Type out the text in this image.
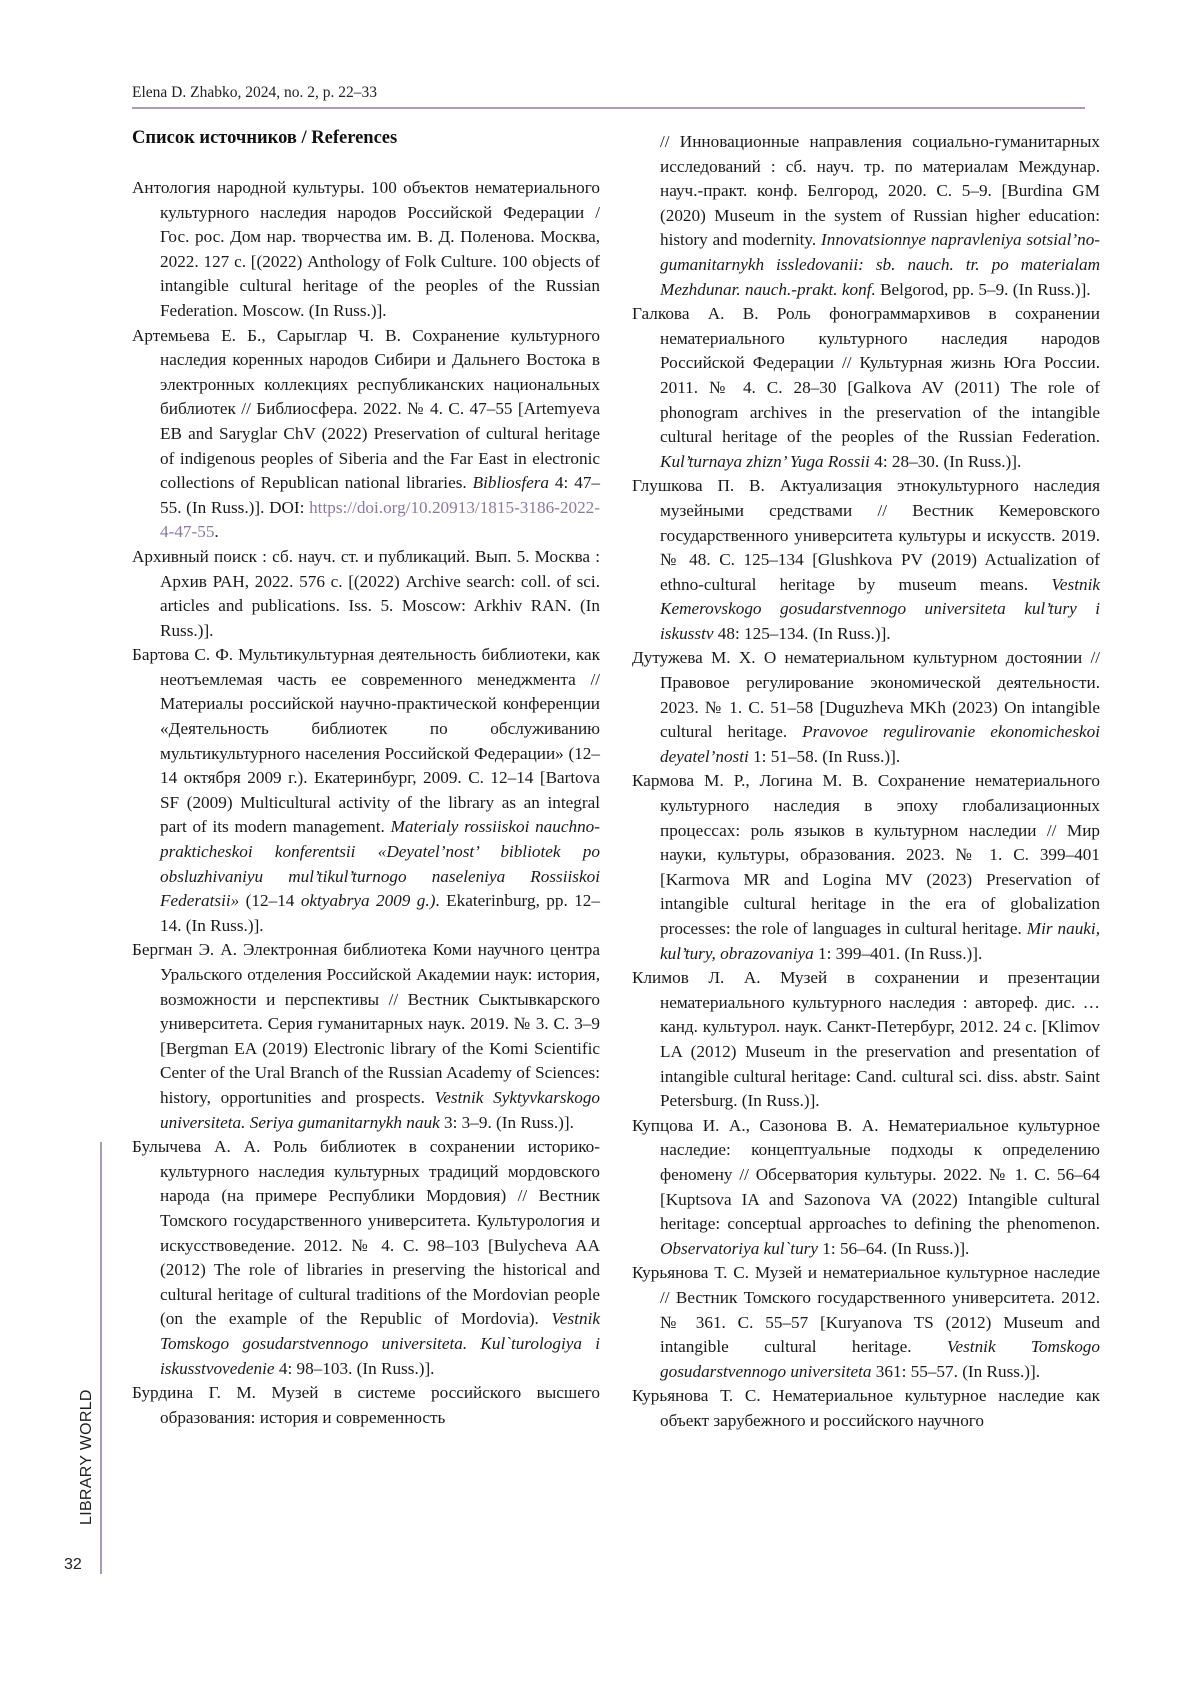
Elena D. Zhabko, 2024, no. 2, p. 22–33
Список источников / References

Антология народной культуры. 100 объектов нематериального культурного наследия народов Российской Федерации / Гос. рос. Дом нар. творчества им. В. Д. Поленова. Москва, 2022. 127 с. [(2022) Anthology of Folk Culture. 100 objects of intangible cultural heritage of the peoples of the Russian Federation. Moscow. (In Russ.)].

Артемьева Е. Б., Сарыглар Ч. В. Сохранение культурного наследия коренных народов Сибири и Дальнего Востока в электронных коллекциях республиканских национальных библиотек // Библиосфера. 2022. № 4. С. 47–55 [Artemyeva EB and Saryglar ChV (2022) Preservation of cultural heritage of indigenous peoples of Siberia and the Far East in electronic collections of Republican national libraries. Bibliosfera 4: 47–55. (In Russ.)]. DOI: https://doi.org/10.20913/1815-3186-2022-4-47-55.

Архивный поиск : сб. науч. ст. и публикаций. Вып. 5. Москва : Архив РАН, 2022. 576 с. [(2022) Archive search: coll. of sci. articles and publications. Iss. 5. Moscow: Arkhiv RAN. (In Russ.)].

Бартова С. Ф. Мультикультурная деятельность библиотеки, как неотъемлемая часть ее современного менеджмента // Материалы российской научно-практической конференции «Деятельность библиотек по обслуживанию мультикультурного населения Российской Федерации» (12–14 октября 2009 г.). Екатеринбург, 2009. С. 12–14 [Bartova SF (2009) Multicultural activity of the library as an integral part of its modern management. Materialy rossiiskoi nauchno-prakticheskoi konferentsii «Deyatel’nost’ bibliotek po obsluzhivaniyu mul’tikul’turnogo naseleniya Rossiiskoi Federatsii» (12–14 oktyabrya 2009 g.). Ekaterinburg, pp. 12–14. (In Russ.)].

Бергман Э. А. Электронная библиотека Коми научного центра Уральского отделения Российской Академии наук: история, возможности и перспективы // Вестник Сыктывкарского университета. Серия гуманитарных наук. 2019. № 3. С. 3–9 [Bergman EA (2019) Electronic library of the Komi Scientific Center of the Ural Branch of the Russian Academy of Sciences: history, opportunities and prospects. Vestnik Syktyvkarskogo universiteta. Seriya gumanitarnykh nauk 3: 3–9. (In Russ.)].

Булычева А. А. Роль библиотек в сохранении историко-культурного наследия культурных традиций мордовского народа (на примере Республики Мордовия) // Вестник Томского государственного университета. Культурология и искусствоведение. 2012. № 4. С. 98–103 [Bulycheva AA (2012) The role of libraries in preserving the historical and cultural heritage of cultural traditions of the Mordovian people (on the example of the Republic of Mordovia). Vestnik Tomskogo gosudarstvennogo universiteta. Kul`turologiya i iskusstvovedenie 4: 98–103. (In Russ.)].

Бурдина Г. М. Музей в системе российского высшего образования: история и современность

// Инновационные направления социально-гуманитарных исследований : сб. науч. тр. по материалам Междунар. науч.-практ. конф. Белгород, 2020. С. 5–9. [Burdina GM (2020) Museum in the system of Russian higher education: history and modernity. Innovatsionnye napravleniya sotsial’no-gumanitarnykh issledovanii: sb. nauch. tr. po materialam Mezhdunar. nauch.-prakt. konf. Belgorod, pp. 5–9. (In Russ.)].

Галкова А. В. Роль фонограммархивов в сохранении нематериального культурного наследия народов Российской Федерации // Культурная жизнь Юга России. 2011. № 4. С. 28–30 [Galkova AV (2011) The role of phonogram archives in the preservation of the intangible cultural heritage of the peoples of the Russian Federation. Kul’turnaya zhizn’ Yuga Rossii 4: 28–30. (In Russ.)].

Глушкова П. В. Актуализация этнокультурного наследия музейными средствами // Вестник Кемеровского государственного университета культуры и искусств. 2019. № 48. С. 125–134 [Glushkova PV (2019) Actualization of ethno-cultural heritage by museum means. Vestnik Kemerovskogo gosudarstvennogo universiteta kul’tury i iskusstv 48: 125–134. (In Russ.)].

Дутужева М. Х. О нематериальном культурном достоянии // Правовое регулирование экономической деятельности. 2023. № 1. С. 51–58 [Duguzheva MKh (2023) On intangible cultural heritage. Pravovoe regulirovanie ekonomicheskoi deyatel’nosti 1: 51–58. (In Russ.)].

Кармова М. Р., Логина М. В. Сохранение нематериального культурного наследия в эпоху глобализационных процессах: роль языков в культурном наследии // Мир науки, культуры, образования. 2023. № 1. С. 399–401 [Karmova MR and Logina MV (2023) Preservation of intangible cultural heritage in the era of globalization processes: the role of languages in cultural heritage. Mir nauki, kul’tury, obrazovaniya 1: 399–401. (In Russ.)].

Климов Л. А. Музей в сохранении и презентации нематериального культурного наследия : автореф. дис. … канд. культурол. наук. Санкт-Петербург, 2012. 24 с. [Klimov LA (2012) Museum in the preservation and presentation of intangible cultural heritage: Cand. cultural sci. diss. abstr. Saint Petersburg. (In Russ.)].

Купцова И. А., Сазонова В. А. Нематериальное культурное наследие: концептуальные подходы к определению феномену // Обсерватория культуры. 2022. № 1. С. 56–64 [Kuptsova IA and Sazonova VA (2022) Intangible cultural heritage: conceptual approaches to defining the phenomenon. Observatoriya kul`tury 1: 56–64. (In Russ.)].

Курьянова Т. С. Музей и нематериальное культурное наследие // Вестник Томского государственного университета. 2012. № 361. С. 55–57 [Kuryanova TS (2012) Museum and intangible cultural heritage. Vestnik Tomskogo gosudarstvennogo universiteta 361: 55–57. (In Russ.)].

Курьянова Т. С. Нематериальное культурное наследие как объект зарубежного и российского научного

LIBRARY WORLD
32
